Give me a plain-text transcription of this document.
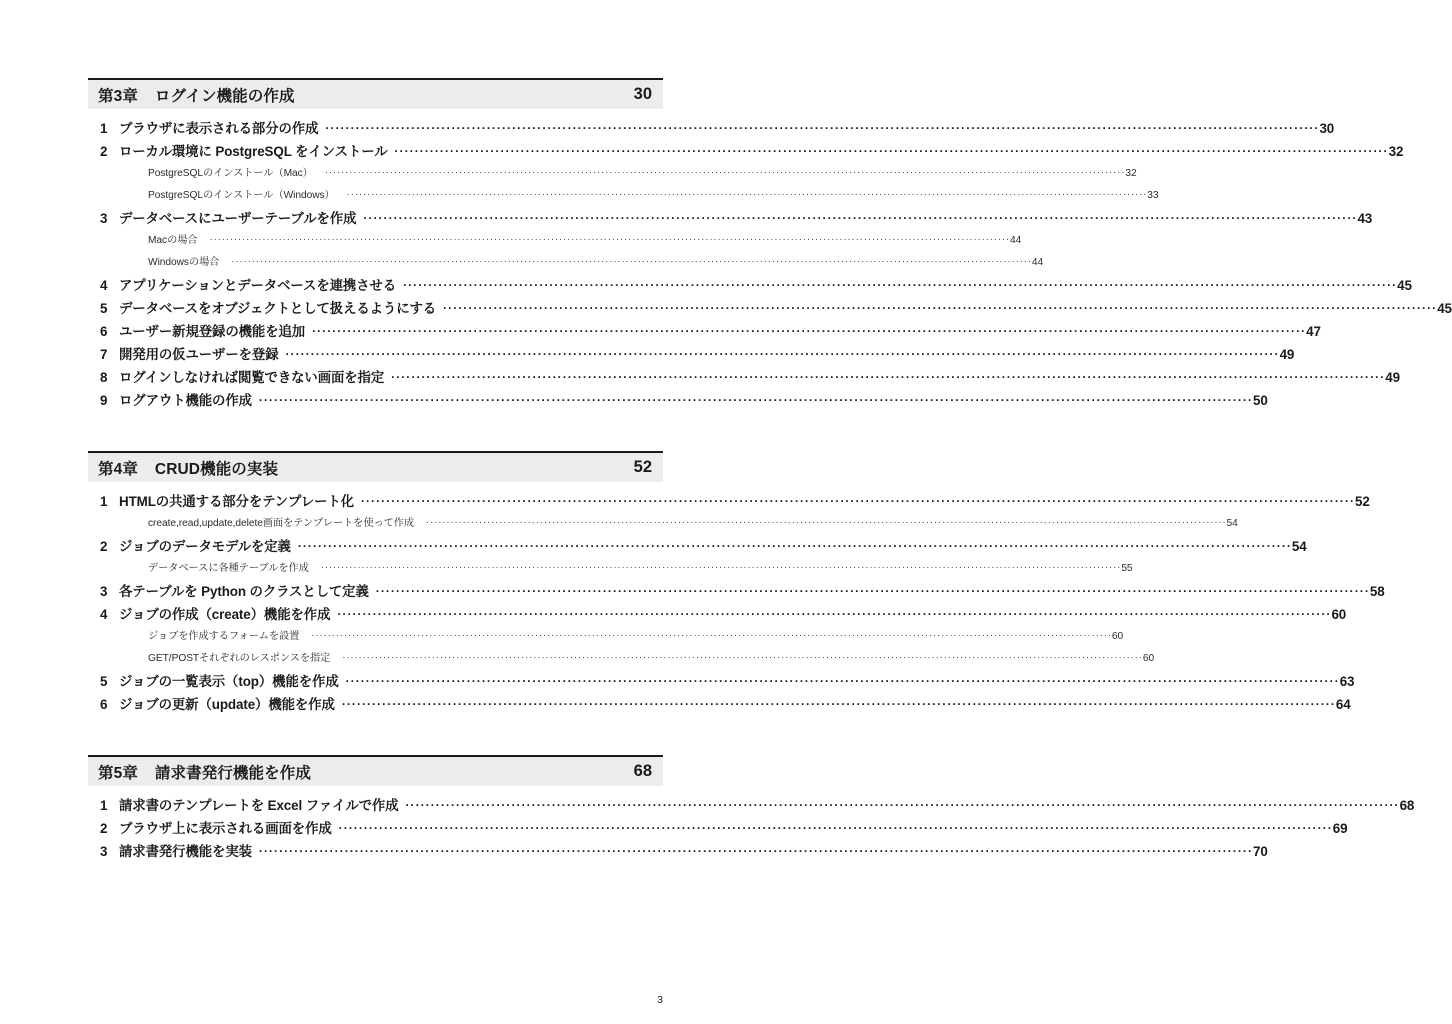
第3章 ログイン機能の作成	30
1 ブラウザに表示される部分の作成 ····································································································································································································· 30
2 ローカル環境に PostgreSQL をインストール ····································································································································································································· 32
PostgreSQLのインストール（Mac）	····································································································································································································· 32
PostgreSQLのインストール（Windows）	····································································································································································································· 33
3 データベースにユーザーテーブルを作成 ····································································································································································································· 43
Macの場合	····································································································································································································· 44
Windowsの場合	····································································································································································································· 44
4 アプリケーションとデータベースを連携させる ····································································································································································································· 45
5 データベースをオブジェクトとして扱えるようにする ····································································································································································································· 45
6 ユーザー新規登録の機能を追加 ····································································································································································································· 47
7 開発用の仮ユーザーを登録 ····································································································································································································· 49
8 ログインしなければ閲覧できない画面を指定 ····································································································································································································· 49
9 ログアウト機能の作成 ····································································································································································································· 50
第4章 CRUD機能の実装	52
1 HTMLの共通する部分をテンプレート化 ····································································································································································································· 52
create,read,update,delete画面をテンプレートを使って作成	····································································································································································································· 54
2 ジョブのデータモデルを定義 ····································································································································································································· 54
データベースに各種テーブルを作成	····································································································································································································· 55
3 各テーブルを Python のクラスとして定義 ····································································································································································································· 58
4 ジョブの作成（create）機能を作成 ····································································································································································································· 60
ジョブを作成するフォームを設置	····································································································································································································· 60
GET/POSTそれぞれのレスポンスを指定	····································································································································································································· 60
5 ジョブの一覧表示（top）機能を作成 ····································································································································································································· 63
6 ジョブの更新（update）機能を作成 ····································································································································································································· 64
第5章 請求書発行機能を作成	68
1 請求書のテンプレートを Excel ファイルで作成 ····································································································································································································· 68
2 ブラウザ上に表示される画面を作成 ····································································································································································································· 69
3 請求書発行機能を実装 ····································································································································································································· 70
3
